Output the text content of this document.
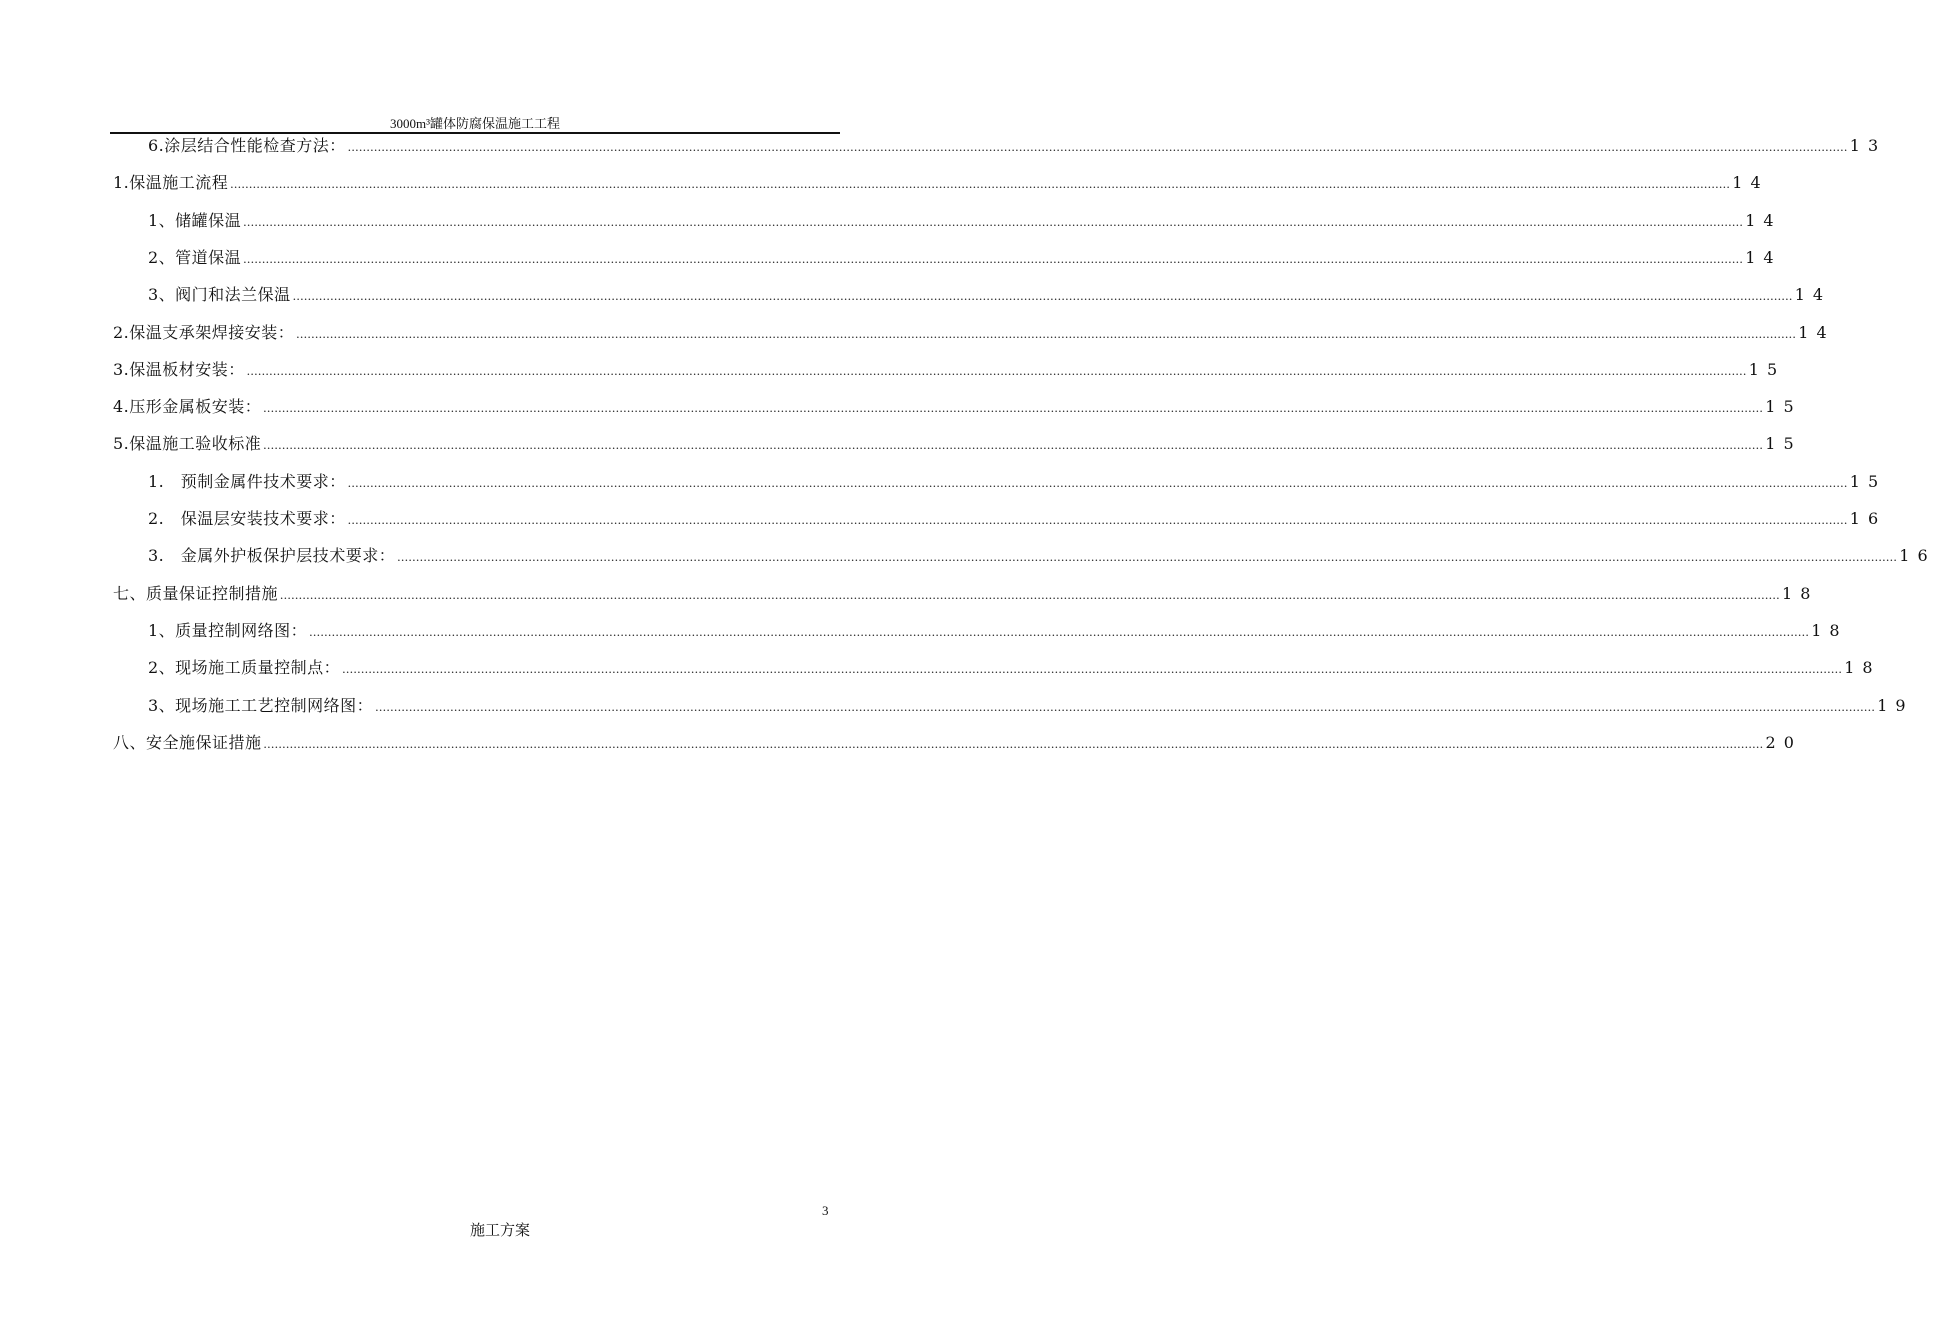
3000m³罐体防腐保温施工工程
6.涂层结合性能检查方法： ................................................................................................................................................................................................................................................................................................................................................................................................................ 13
1.保温施工流程 ................................................................................................................................................................................................................................................................................................................................................................................................................ 14
1、储罐保温 ................................................................................................................................................................................................................................................................................................................................................................................................................ 14
2、管道保温 ................................................................................................................................................................................................................................................................................................................................................................................................................ 14
3、阀门和法兰保温 ................................................................................................................................................................................................................................................................................................................................................................................................................ 14
2.保温支承架焊接安装： ................................................................................................................................................................................................................................................................................................................................................................................................................ 14
3.保温板材安装： ................................................................................................................................................................................................................................................................................................................................................................................................................ 15
4.压形金属板安装： ................................................................................................................................................................................................................................................................................................................................................................................................................ 15
5.保温施工验收标准 ................................................................................................................................................................................................................................................................................................................................................................................................................ 15
1.　预制金属件技术要求： ................................................................................................................................................................................................................................................................................................................................................................................................................ 15
2.　保温层安装技术要求： ................................................................................................................................................................................................................................................................................................................................................................................................................ 16
3.　金属外护板保护层技术要求： ................................................................................................................................................................................................................................................................................................................................................................................................................ 16
七、质量保证控制措施 ................................................................................................................................................................................................................................................................................................................................................................................................................ 18
1、质量控制网络图： ................................................................................................................................................................................................................................................................................................................................................................................................................ 18
2、现场施工质量控制点： ................................................................................................................................................................................................................................................................................................................................................................................................................ 18
3、现场施工工艺控制网络图： ................................................................................................................................................................................................................................................................................................................................................................................................................ 19
八、安全施保证措施 ................................................................................................................................................................................................................................................................................................................................................................................................................ 20
3
施工方案
